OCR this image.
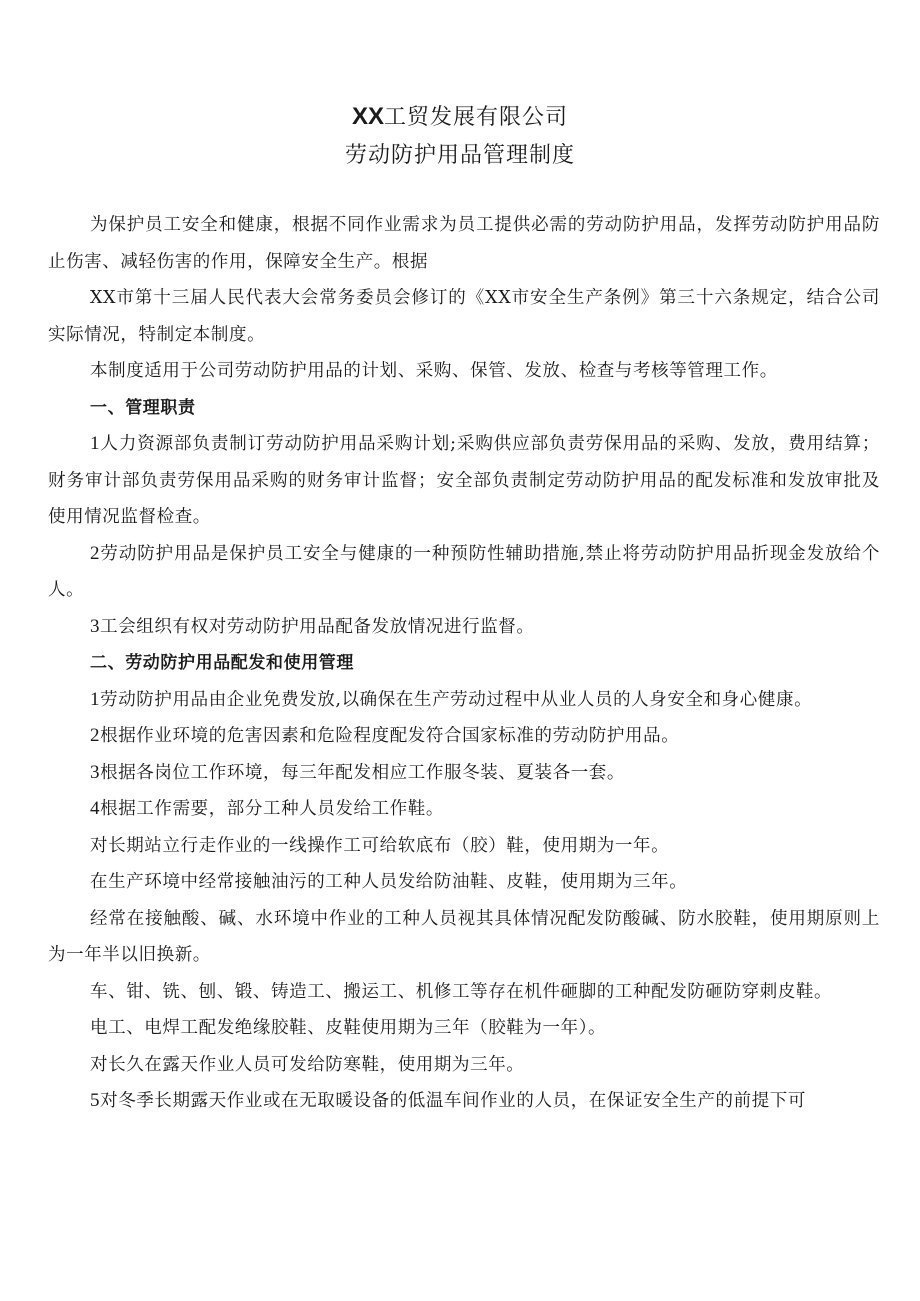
XX工贸发展有限公司
劳动防护用品管理制度

为保护员工安全和健康，根据不同作业需求为员工提供必需的劳动防护用品，发挥劳动防护用品防止伤害、减轻伤害的作用，保障安全生产。根据

XX市第十三届人民代表大会常务委员会修订的《XX市安全生产条例》第三十六条规定，结合公司实际情况，特制定本制度。

本制度适用于公司劳动防护用品的计划、采购、保管、发放、检查与考核等管理工作。

一、管理职责

1人力资源部负责制订劳动防护用品采购计划;采购供应部负责劳保用品的采购、发放，费用结算；财务审计部负责劳保用品采购的财务审计监督；安全部负责制定劳动防护用品的配发标准和发放审批及使用情况监督检查。

2劳动防护用品是保护员工安全与健康的一种预防性辅助措施,禁止将劳动防护用品折现金发放给个人。

3工会组织有权对劳动防护用品配备发放情况进行监督。

二、劳动防护用品配发和使用管理

1劳动防护用品由企业免费发放,以确保在生产劳动过程中从业人员的人身安全和身心健康。

2根据作业环境的危害因素和危险程度配发符合国家标准的劳动防护用品。

3根据各岗位工作环境，每三年配发相应工作服冬装、夏装各一套。

4根据工作需要，部分工种人员发给工作鞋。

对长期站立行走作业的一线操作工可给软底布（胶）鞋，使用期为一年。

在生产环境中经常接触油污的工种人员发给防油鞋、皮鞋，使用期为三年。

经常在接触酸、碱、水环境中作业的工种人员视其具体情况配发防酸碱、防水胶鞋，使用期原则上为一年半以旧换新。

车、钳、铣、刨、锻、铸造工、搬运工、机修工等存在机件砸脚的工种配发防砸防穿刺皮鞋。

电工、电焊工配发绝缘胶鞋、皮鞋使用期为三年（胶鞋为一年）。

对长久在露天作业人员可发给防寒鞋，使用期为三年。

5对冬季长期露天作业或在无取暖设备的低温车间作业的人员，在保证安全生产的前提下可
